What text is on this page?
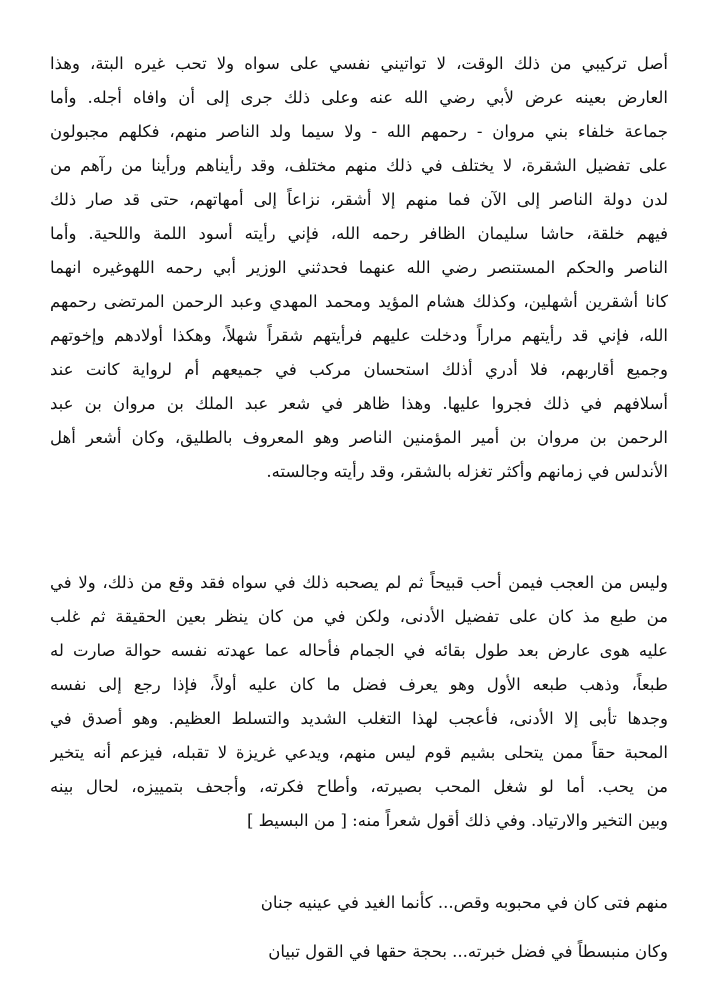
أصل تركيبي من ذلك الوقت، لا تواتيني نفسي على سواه ولا تحب غيره البتة، وهذا
العارض بعينه عرض لأبي رضي الله عنه وعلى ذلك جرى إلى أن وافاه أجله. وأما
جماعة خلفاء بني مروان - رحمهم الله - ولا سيما ولد الناصر منهم، فكلهم مجبولون
على تفضيل الشقرة، لا يختلف في ذلك منهم مختلف، وقد رأيناهم ورأينا من رآهم من
لدن دولة الناصر إلى الآن فما منهم إلا أشقر، نزاعاً إلى أمهاتهم، حتى قد صار ذلك
فيهم خلقة، حاشا سليمان الظافر رحمه الله، فإني رأيته أسود اللمة واللحية. وأما
الناصر والحكم المستنصر رضي الله عنهما فحدثني الوزير أبي رحمه اللهوغيره انهما
كانا أشقرين أشهلين، وكذلك هشام المؤيد ومحمد المهدي وعبد الرحمن المرتضى رحمهم
الله، فإني قد رأيتهم مراراً ودخلت عليهم فرأيتهم شقراً شهلاً، وهكذا أولادهم وإخوتهم
وجميع أقاربهم، فلا أدري أذلك استحسان مركب في جميعهم أم لرواية كانت عند
أسلافهم في ذلك فجروا عليها. وهذا ظاهر في شعر عبد الملك بن مروان بن عبد
الرحمن بن مروان بن أمير المؤمنين الناصر وهو المعروف بالطليق، وكان أشعر أهل
الأندلس في زمانهم وأكثر تغزله بالشقر، وقد رأيته وجالسته.
وليس من العجب فيمن أحب قبيحاً ثم لم يصحبه ذلك في سواه فقد وقع من ذلك، ولا في
من طبع مذ كان على تفضيل الأدنى، ولكن في من كان ينظر بعين الحقيقة ثم غلب
عليه هوى عارض بعد طول بقائه في الجمام فأحاله عما عهدته نفسه حوالة صارت له
طبعاً، وذهب طبعه الأول وهو يعرف فضل ما كان عليه أولاً، فإذا رجع إلى نفسه
وجدها تأبى إلا الأدنى، فأعجب لهذا التغلب الشديد والتسلط العظيم. وهو أصدق في
المحبة حقاً ممن يتحلى بشيم قوم ليس منهم، ويدعي غريزة لا تقبله، فيزعم أنه يتخير
من يحب. أما لو شغل المحب بصيرته، وأطاح فكرته، وأجحف بتمييزه، لحال بينه
وبين التخير والارتياد. وفي ذلك أقول شعراً منه: [ من البسيط ]
منهم فتى كان في محبوبه وقص... كأنما الغيد في عينيه جنان
وكان منبسطاً في فضل خبرته... بحجة حقها في القول تبيان
